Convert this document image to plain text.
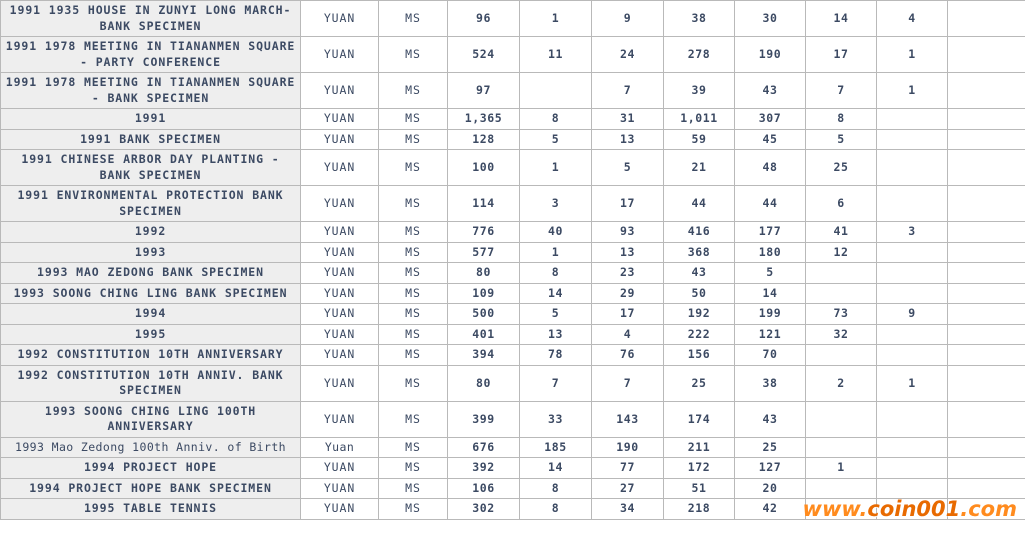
1991 1935 HOUSE IN ZUNYI LONG MARCH-BANK SPECIMEN	YUAN	MS	96	1	9	38	30	14	4	
1991 1978 MEETING IN TIANANMEN SQUARE - PARTY CONFERENCE	YUAN	MS	524	11	24	278	190	17	1	
1991 1978 MEETING IN TIANANMEN SQUARE - BANK SPECIMEN	YUAN	MS	97		7	39	43	7	1	
1991	YUAN	MS	1,365	8	31	1,011	307	8		
1991 BANK SPECIMEN	YUAN	MS	128	5	13	59	45	5		
1991 CHINESE ARBOR DAY PLANTING - BANK SPECIMEN	YUAN	MS	100	1	5	21	48	25		
1991 ENVIRONMENTAL PROTECTION BANK SPECIMEN	YUAN	MS	114	3	17	44	44	6		
1992	YUAN	MS	776	40	93	416	177	41	3	
1993	YUAN	MS	577	1	13	368	180	12		
1993 MAO ZEDONG BANK SPECIMEN	YUAN	MS	80	8	23	43	5			
1993 SOONG CHING LING BANK SPECIMEN	YUAN	MS	109	14	29	50	14			
1994	YUAN	MS	500	5	17	192	199	73	9	
1995	YUAN	MS	401	13	4	222	121	32		
1992 CONSTITUTION 10TH ANNIVERSARY	YUAN	MS	394	78	76	156	70			
1992 CONSTITUTION 10TH ANNIV. BANK SPECIMEN	YUAN	MS	80	7	7	25	38	2	1	
1993 SOONG CHING LING 100TH ANNIVERSARY	YUAN	MS	399	33	143	174	43			
1993 Mao Zedong 100th Anniv. of Birth	Yuan	MS	676	185	190	211	25			
1994 PROJECT HOPE	YUAN	MS	392	14	77	172	127	1		
1994 PROJECT HOPE BANK SPECIMEN	YUAN	MS	106	8	27	51	20			
1995 TABLE TENNIS	YUAN	MS	302	8	34	218	42			www.coin001.com
